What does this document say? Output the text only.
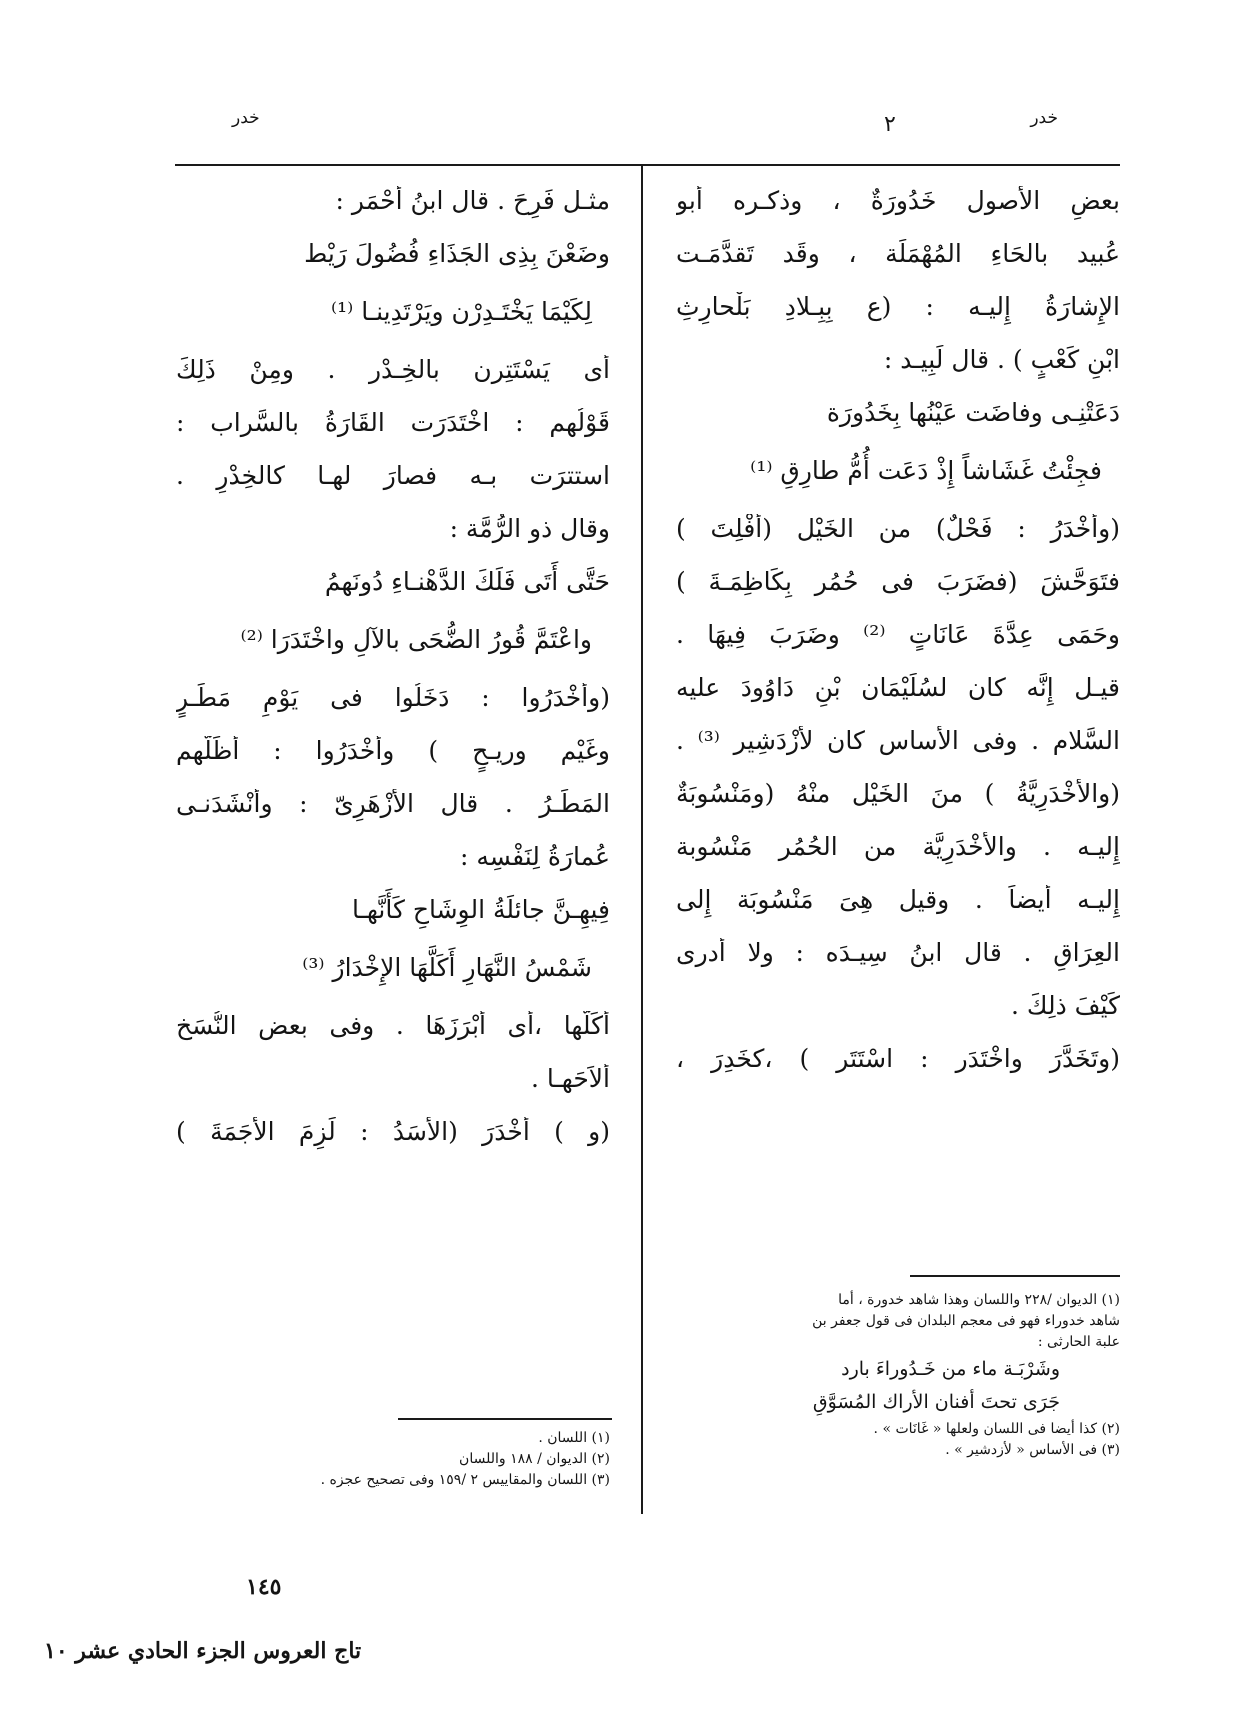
خدر
٢
خدر
بعضِ الأُصول خَدُورَةٌ ، وذكـره أَبو
عُبيد بالحَاءِ المُهْمَلَة ، وقَد تَقدَّمَـت
الإِشارَةُ إِليـه : (ع بِبِـلادِ بَلْحارِثِ
ابْنِ كَعْبٍ ) . قال لَبِيـد :
دَعَتْنِـى وفاضَت عَيْنُها بِخَدُورَة
فجِئْتُ غَشَاشاً إِذْ دَعَت أُمُّ طارِقِ ⁽¹⁾
(وأَخْدَرُ : فَحْلٌ) من الخَيْل (أُفْلِتَ )
فتَوَحَّشَ (فضَرَبَ فى حُمُر بِكَاظِمَـةَ )
وحَمَى عِدَّةَ عَانَاتٍ ⁽²⁾ وضَرَبَ فِيهَا .
قيـل إِنَّه كان لسُلَيْمَان بْنِ دَاوُودَ عليه
السَّلام . وفى الأَساس كان لأَزْدَشِير ⁽³⁾ .
(والأَخْدَرِيَّةُ ) منَ الخَيْل منْهُ (ومَنْسُوبَةٌ
إِليـه . والأَخْدَرِيَّة من الحُمُر مَنْسُوبة
إِليـه أَيضاً . وقيل هِىَ مَنْسُوبَة إِلى
العِرَاقِ . قال ابنُ سِيـدَه : ولا أَدرى
كَيْفَ ذلِكَ .
(وتَخَدَّرَ واخْتَدَر : اسْتَتَر ) ،كخَدِرَ ،
مثـل فَرِحَ . قال ابنُ أَحْمَر :
وضَعْنَ بِذِى الجَذَاءِ فُضُولَ رَيْط
لِكَيْمَا يَخْتَـدِرْن ويَرْتَدِينـا ⁽¹⁾
أَى يَسْتَتِرن بالخِـدْر . ومِنْ ذَلِكَ
قَوْلُهم : اخْتَدَرَت القَارَةُ بالسَّراب :
استترَت بـه فصارَ لهـا كالخِدْرِ .
وقال ذو الرُّمَّة :
حَتَّى أَتَى فَلَكَ الدَّهْنـاءِ دُونَهمُ
واعْتَمَّ قُورُ الضُّحَى بالآلِ واخْتَدَرَا ⁽²⁾
(وأَخْدَرُوا : دَخَلُوا فى يَوْمِ مَطَـرٍ
وغَيْم وريـحٍ ) وأَخْدَرُوا : أَظَلَّهم
المَطَـرُ . قال الأَزْهَرِىّ : وأَنْشَدَنـى
عُمارَةُ لِنَفْسِه :
فِيهِـنَّ جائلَةُ الوِشَاحِ كَأَنَّهـا
شَمْسُ النَّهَارِ أَكَلَّهَا الإِخْدَارُ ⁽³⁾
أَكَلَّها ،أَى أَبْرَزَهَا . وفى بعض النُّسَخ
أَلاَحَهـا .
(و ) أَخْدَرَ (الأَسَدُ : لَزِمَ الأَجَمَةَ )
(١) الديوان /٢٢٨ واللسان وهذا شاهد خدورة ، أما
شاهد خدوراء فهو فى معجم البلدان فى قول جعفر بن
علبة الحارثى :
وشَرْبَـة ماء من خَـدُوراءَ بارد
جَرَى تحتَ أفنان الأراك المُسَوَّقِ
(٢) كذا أيضا فى اللسان ولعلها « غَانَات » .
(٣) فى الأساس « لأزدشير » .
(١) اللسان .
(٢) الديوان / ١٨٨ واللسان
(٣) اللسان والمقاييس ٢ /١٥٩ وفى تصحيح عجزه .
١٤٥
تاج العروس الجزء الحادي عشر ١٠
